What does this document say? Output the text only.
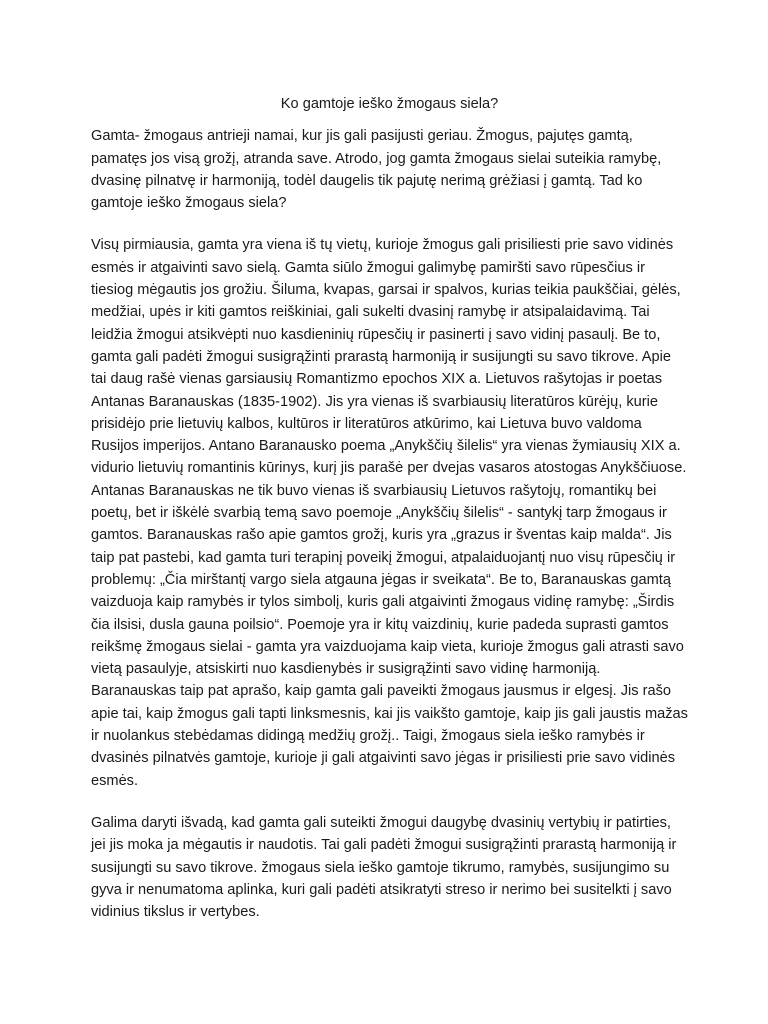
Ko gamtoje ieško žmogaus siela?

Gamta- žmogaus antrieji namai, kur jis gali pasijusti geriau. Žmogus, pajutęs gamtą, pamatęs jos visą grožį, atranda save. Atrodo, jog gamta žmogaus sielai suteikia ramybę, dvasinę pilnatvę ir harmoniją, todėl daugelis tik pajutę nerimą grėžiasi į gamtą. Tad ko gamtoje ieško žmogaus siela?

Visų pirmiausia, gamta yra viena iš tų vietų, kurioje žmogus gali prisiliesti prie savo vidinės esmės ir atgaivinti savo sielą. Gamta siūlo žmogui galimybę pamiršti savo rūpesčius ir tiesiog mėgautis jos grožiu. Šiluma, kvapas, garsai ir spalvos, kurias teikia paukščiai, gėlės, medžiai, upės ir kiti gamtos reiškiniai, gali sukelti dvasinį ramybę ir atsipalaidavimą. Tai leidžia žmogui atsikvėpti nuo kasdieninių rūpesčių ir pasinerti į savo vidinį pasaulį. Be to, gamta gali padėti žmogui susigrąžinti prarastą harmoniją ir susijungti su savo tikrove. Apie tai daug rašė vienas garsiausių Romantizmo epochos XIX a. Lietuvos rašytojas ir poetas Antanas Baranauskas (1835-1902). Jis yra vienas iš svarbiausių literatūros kūrėjų, kurie prisidėjo prie lietuvių kalbos, kultūros ir literatūros atkūrimo, kai Lietuva buvo valdoma Rusijos imperijos. Antano Baranausko poema „Anykščių šilelis“ yra vienas žymiausių XIX a. vidurio lietuvių romantinis kūrinys, kurį jis parašė per dvejas vasaros atostogas Anykščiuose. Antanas Baranauskas ne tik buvo vienas iš svarbiausių Lietuvos rašytojų, romantikų bei poetų, bet ir iškėlė svarbią temą savo poemoje „Anykščių šilelis“ - santykį tarp žmogaus ir gamtos. Baranauskas rašo apie gamtos grožį, kuris yra „grazus ir šventas kaip malda“. Jis taip pat pastebi, kad gamta turi terapinį poveikį žmogui, atpalaiduojantį nuo visų rūpesčių ir problemų: „Čia mirštantį vargo siela atgauna jėgas ir sveikata“. Be to, Baranauskas gamtą vaizduoja kaip ramybės ir tylos simbolį, kuris gali atgaivinti žmogaus vidinę ramybę: „Širdis čia ilsisi, dusla gauna poilsio“. Poemoje yra ir kitų vaizdinių, kurie padeda suprasti gamtos reikšmę žmogaus sielai - gamta yra vaizduojama kaip vieta, kurioje žmogus gali atrasti savo vietą pasaulyje, atsiskirti nuo kasdienybės ir susigrąžinti savo vidinę harmoniją. Baranauskas taip pat aprašo, kaip gamta gali paveikti žmogaus jausmus ir elgesį. Jis rašo apie tai, kaip žmogus gali tapti linksmesnis, kai jis vaikšto gamtoje, kaip jis gali jaustis mažas ir nuolankus stebėdamas didingą medžių grožį.. Taigi, žmogaus siela ieško ramybės ir dvasinės pilnatvės gamtoje, kurioje ji gali atgaivinti savo jėgas ir prisiliesti prie savo vidinės esmės.

Galima daryti išvadą, kad gamta gali suteikti žmogui daugybę dvasinių vertybių ir patirties, jei jis moka ja mėgautis ir naudotis. Tai gali padėti žmogui susigrąžinti prarastą harmoniją ir susijungti su savo tikrove. žmogaus siela ieško gamtoje tikrumo, ramybės, susijungimo su gyva ir nenumatoma aplinka, kuri gali padėti atsikratyti streso ir nerimo bei susitelkti į savo vidinius tikslus ir vertybes.
